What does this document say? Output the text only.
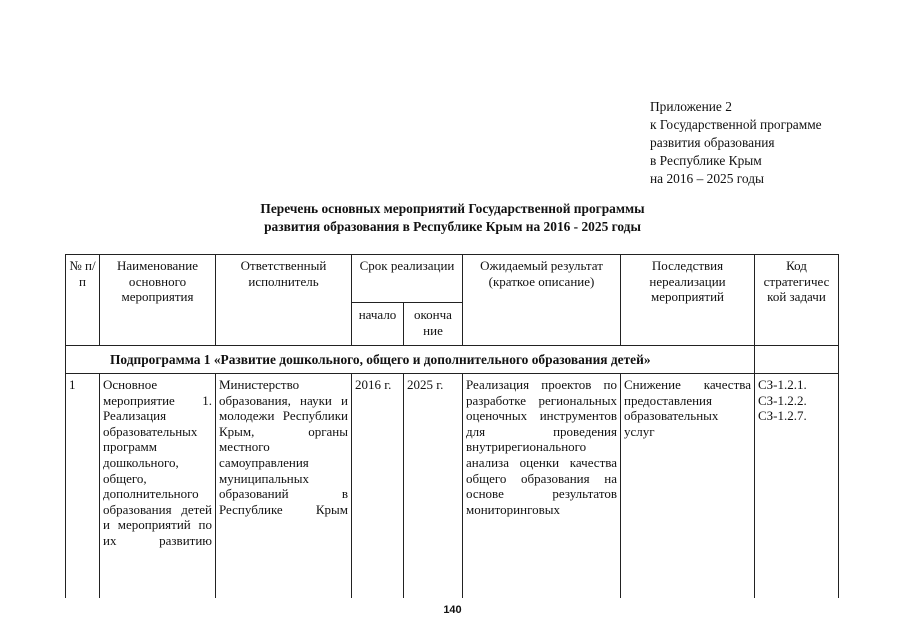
Приложение 2
к Государственной программе
развития образования
в Республике Крым
на 2016 – 2025 годы
Перечень основных мероприятий Государственной программы
развития образования в Республике Крым на 2016 - 2025 годы
№ п/п	Наименование основного мероприятия	Ответственный исполнитель	Срок реализации		Ожидаемый результат (краткое описание)	Последствия нереализации мероприятий	Код стратегичес кой задачи
			начало	оконча ние			
Подпрограмма 1 «Развитие дошкольного, общего и дополнительного образования детей»							
1	Основное мероприятие 1. Реализация образовательных программ дошкольного, общего, дополнительного образования детей и мероприятий по их развитию	Министерство образования, науки и молодежи Республики Крым, органы местного самоуправления муниципальных образований в Республике Крым	2016 г.	2025 г.	Реализация проектов по разработке региональных оценочных инструментов для проведения внутрирегионального анализа оценки качества общего образования на основе результатов мониторинговых	Снижение качества предоставления образовательных услуг	СЗ-1.2.1.
СЗ-1.2.2.
СЗ-1.2.7.
140
